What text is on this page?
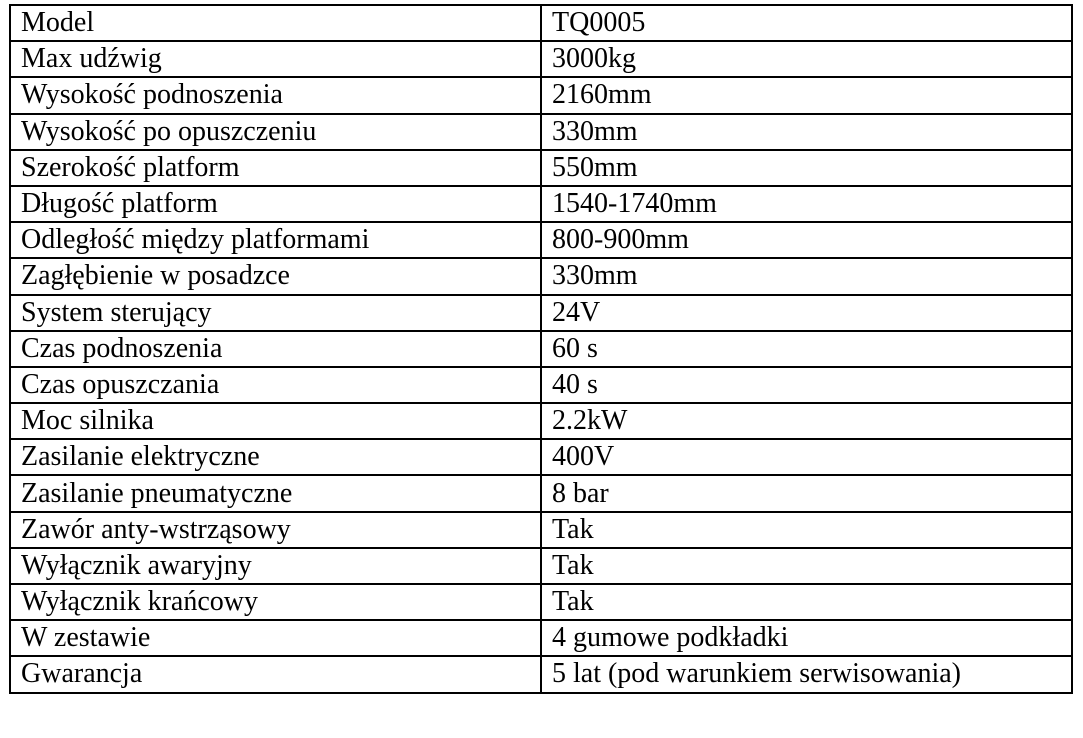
Model	TQ0005
Max udźwig	3000kg
Wysokość podnoszenia	2160mm
Wysokość po opuszczeniu	330mm
Szerokość platform	550mm
Długość platform	1540-1740mm
Odległość między platformami	800-900mm
Zagłębienie w posadzce	330mm
System sterujący	24V
Czas podnoszenia	60 s
Czas opuszczania	40 s
Moc silnika	2.2kW
Zasilanie elektryczne	400V
Zasilanie pneumatyczne	8 bar
Zawór anty-wstrząsowy	Tak
Wyłącznik awaryjny	Tak
Wyłącznik krańcowy	Tak
W zestawie	4 gumowe podkładki
Gwarancja	5 lat (pod warunkiem serwisowania)
